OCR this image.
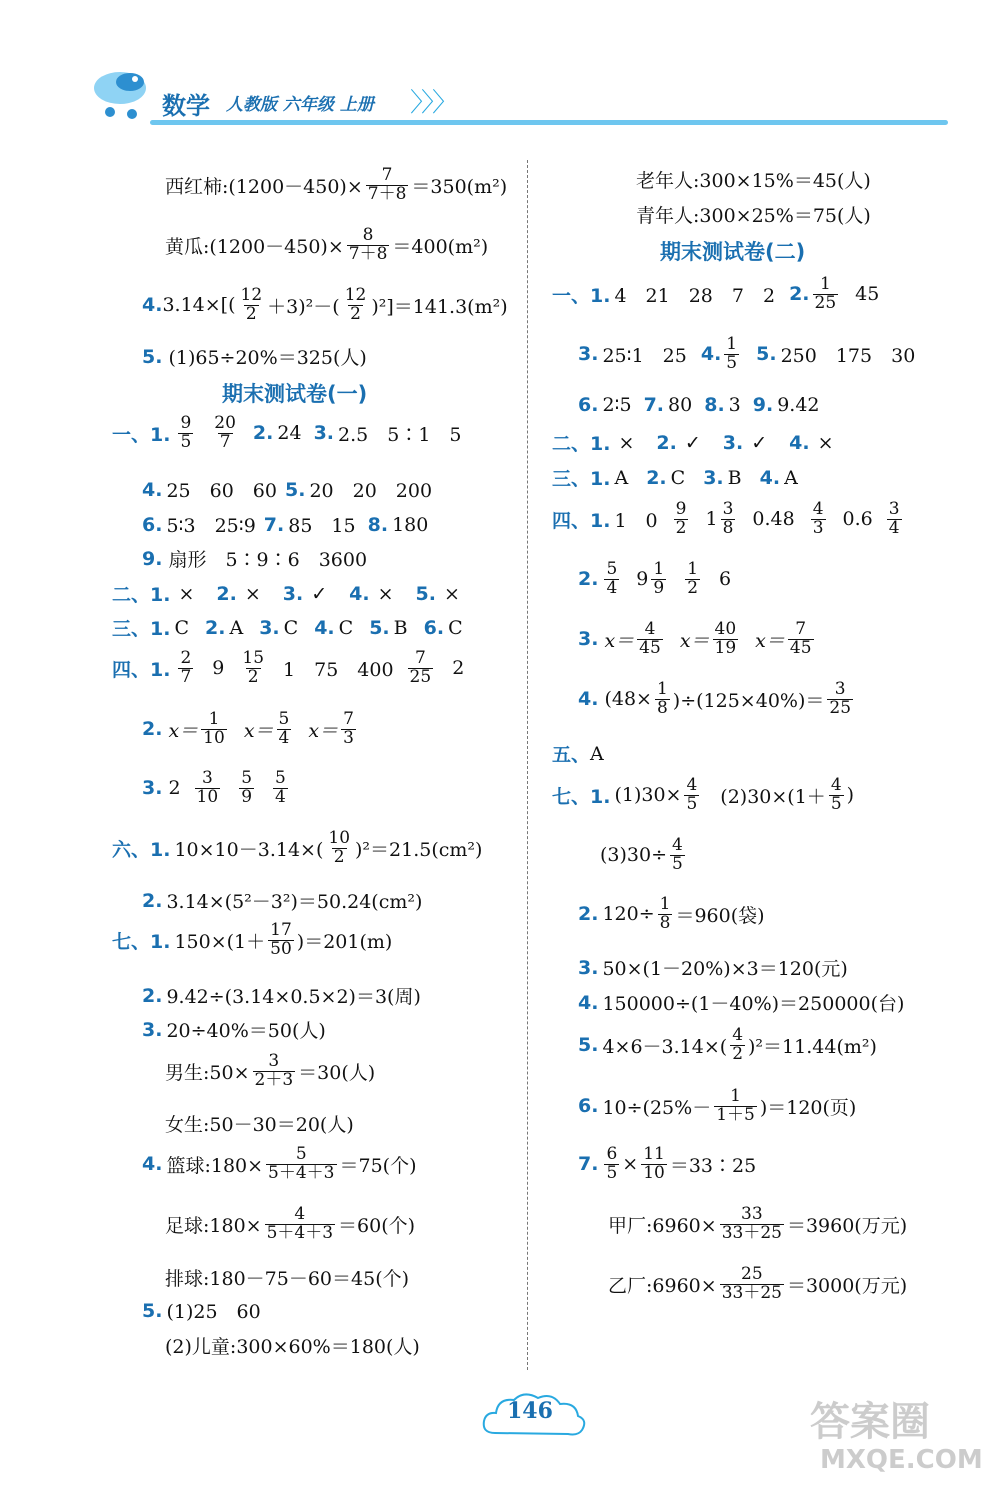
数学 人教版 六年级 上册 〉〉〉
西红柿:(1200－450)× $\frac{7}{7+8} =350(m^2)$
黄瓜:(1200－450)× $\frac{8}{7+8} =400(m^2)$
4. $3.14\times[( \frac{12}{2} +3)^2-( \frac{12}{2} )^2]=141.3(m^2)$
5. (1)65÷20%＝325(人)
期末测试卷(一)
一、1. $\frac{9}{5} \frac{20}{7} 2$. 24 3. 2.5　5∶1　5
4. 25　60　60 5. 20　20　200
6. 5∶3　25∶9 7. 85　15 8. 180
9. 扇形　5∶9∶6　3600
二、1. × 2. × 3. ✓ 4. × 5. ×
三、1. C 2. A 3. C 4. C 5. B 6. C
四、1. $\frac{2}{7} 9 \frac{15}{2} 1$　75　$400 \frac{7}{25} 2$
2. $x= \frac{1}{10} x= \frac{5}{4} x= \frac{7}{3}$
3. $2 \frac{3}{10} \frac{5}{9} \frac{5}{4}$
六、1. $10\times 10-3.14\times( \frac{10}{2} )^2=21.5(cm^2)$
2. 3.14×(5²－3²)＝50.24(cm²)
七、1. $150\times(1+ \frac{17}{50} )=201(m)$
2. 9.42÷(3.14×0.5×2)＝3(周)
3. 20÷40%＝50(人)
男生:50× $\frac{3}{2+3} =30$(人)
女生:50－30＝20(人)
4. 篮球:180× $\frac{5}{5+4+3} =75$(个)
足球:180× $\frac{4}{5+4+3} =60$(个)
排球:180－75－60＝45(个)
5. (1)25　60
(2)儿童:300×60%＝180(人)
老年人:300×15%＝45(人)
青年人:300×25%＝75(人)
期末测试卷(二)
一、1. 4　21　28　7　2 2. $\frac{1}{25} 45$
3. 25∶1　25 4. $\frac{1}{5} 5$. 250　175　30
6. 2∶5 7. 80 8. 3 9. 9.42
二、1. × 2. ✓ 3. ✓ 4. ×
三、1. A 2. C 3. B 4. A
四、1. 1　$0 \frac{9}{2} 1 \frac{3}{8} 0.48 \frac{4}{3} 0.6 \frac{3}{4}$
2. $\frac{5}{4} 9 \frac{1}{9} \frac{1}{2} 6$
3. $x= \frac{4}{45} x= \frac{40}{19} x= \frac{7}{45}$
4. $(48\times \frac{1}{8} )\div(125\times 40\%)= \frac{3}{25}$
五、 A
七、1. $(1)30\times \frac{4}{5} (2)30\times(1+ \frac{4}{5}$ )
$(3)30\div \frac{4}{5}$
2. $120\div \frac{1}{8} =960$(袋)
3. 50×(1－20%)×3＝120(元)
4. 150000÷(1－40%)＝250000(台)
5. $4\times 6-3.14\times( \frac{4}{2} )^2=11.44(m^2)$
6. $10\div(25\%- \frac{1}{1+5} )=120$(页)
7. $\frac{6}{5} \times \frac{11}{10}$ ＝33∶25
甲厂:6960× $\frac{33}{33+25} =3960$(万元)
乙厂:6960× $\frac{25}{33+25} =3000$(万元)
146	答案圈
MXQE.COM
